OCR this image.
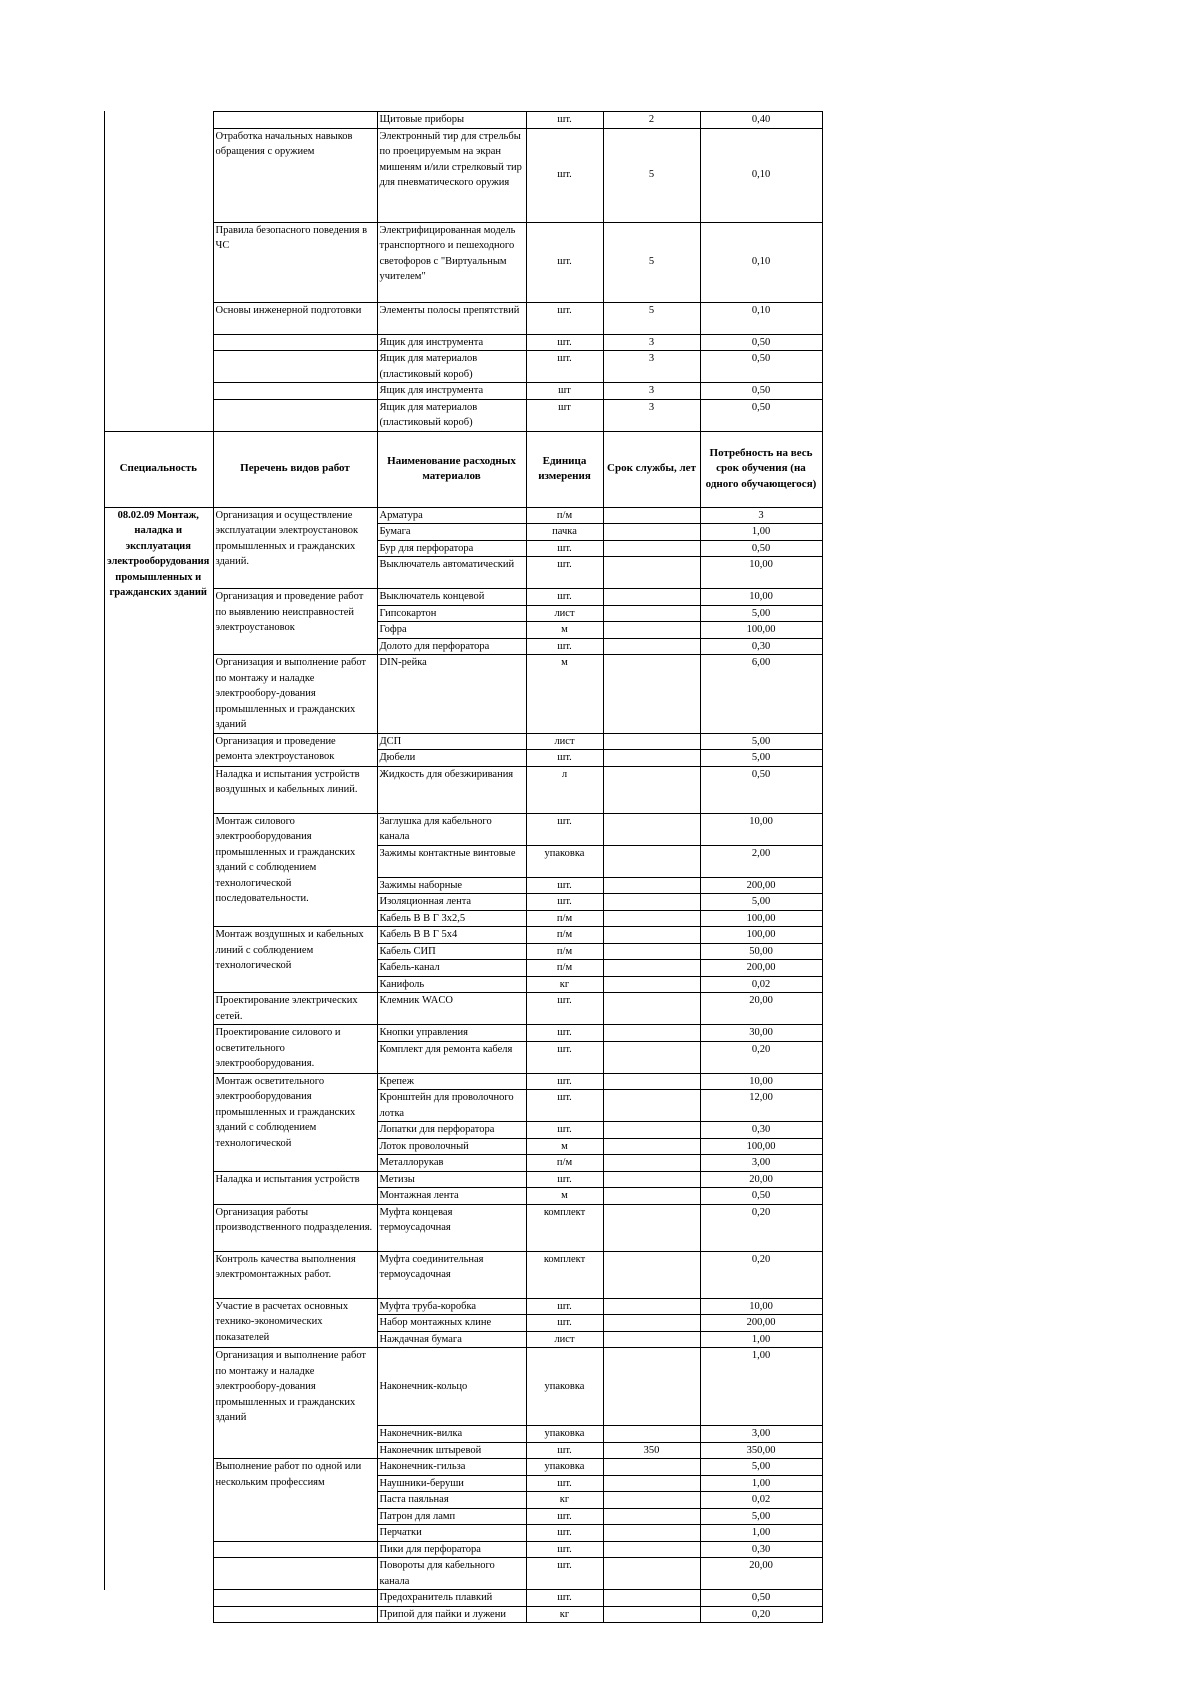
		Щитовые приборы	шт.	2	0,40
	Отработка начальных навыков обращения с оружием	Электронный тир для стрельбы по проецируемым на экран мишеням и/или стрелковый тир для пневматического оружия	шт.	5	0,10
	Правила безопасного поведения в ЧС	Электрифицированная модель транспортного и пешеходного светофоров с "Виртуальным учителем"	шт.	5	0,10
	Основы инженерной подготовки	Элементы полосы препятствий	шт.	5	0,10
		Ящик для инструмента	шт.	3	0,50
		Ящик для материалов (пластиковый короб)	шт.	3	0,50
		Ящик для инструмента	шт	3	0,50
		Ящик для материалов (пластиковый короб)	шт	3	0,50
Специальность	Перечень видов работ	Наименование расходных материалов	Единица измерения	Срок службы, лет	Потребность на весь срок обучения (на одного обучающегося)
08.02.09 Монтаж, наладка и эксплуатация электрооборудования промышленных и гражданских зданий	Организация и осуществление эксплуатации электроустановок промышленных и гражданских зданий.	Арматура	п/м		3
		Бумага	пачка		1,00
		Бур для перфоратора	шт.		0,50
		Выключатель автоматический	шт.		10,00
	Организация и проведение работ по выявлению неисправностей электроустановок	Выключатель концевой	шт.		10,00
		Гипсокартон	лист		5,00
		Гофра	м		100,00
		Долото для перфоратора	шт.		0,30
	Организация и выполнение работ по монтажу и наладке электрообору-дования промышленных и гражданских зданий	DIN-рейка	м		6,00
	Организация и проведение ремонта электроустановок	ДСП	лист		5,00
		Дюбели	шт.		5,00
	Наладка и испытания устройств воздушных и кабельных линий.	Жидкость для обезжиривания	л		0,50
	Монтаж силового электрооборудования промышленных и гражданских зданий с соблюдением технологической последовательности.	Заглушка для кабельного канала	шт.		10,00
		Зажимы контактные винтовые	упаковка		2,00
		Зажимы наборные	шт.		200,00
		Изоляционная лента	шт.		5,00
		Кабель В В Г 3х2,5	п/м		100,00
	Монтаж воздушных и кабельных линий с соблюдением технологической	Кабель В В Г 5х4	п/м		100,00
		Кабель СИП	п/м		50,00
		Кабель-канал	п/м		200,00
		Канифоль	кг		0,02
	Проектирование электрических сетей.	Клемник WACO	шт.		20,00
	Проектирование силового и осветительного электрооборудования.	Кнопки управления	шт.		30,00
		Комплект для ремонта кабеля	шт.		0,20
	Монтаж осветительного электрооборудования промышленных и гражданских зданий с соблюдением технологической	Крепеж	шт.		10,00
		Кронштейн для проволочного лотка	шт.		12,00
		Лопатки для перфоратора	шт.		0,30
		Лоток проволочный	м		100,00
		Металлорукав	п/м		3,00
	Наладка и испытания устройств	Метизы	шт.		20,00
		Монтажная лента	м		0,50
	Организация работы производственного подразделения.	Муфта концевая термоусадочная	комплект		0,20
	Контроль качества выполнения электромонтажных работ.	Муфта соединительная термоусадочная	комплект		0,20
	Участие в расчетах основных технико-экономических показателей	Муфта труба-коробка	шт.		10,00
		Набор монтажных клине	шт.		200,00
		Наждачная бумага	лист		1,00
	Организация и выполнение работ по монтажу и наладке электрообору-дования промышленных и гражданских зданий	Наконечник-кольцо	упаковка		1,00
		Наконечник-вилка	упаковка		3,00
		Наконечник штыревой	шт.	350	350,00
	Выполнение работ по одной или нескольким профессиям	Наконечник-гильза	упаковка		5,00
		Наушники-беруши	шт.		1,00
		Паста паяльная	кг		0,02
		Патрон для ламп	шт.		5,00
		Перчатки	шт.		1,00
		Пики для перфоратора	шт.		0,30
		Повороты для кабельного канала	шт.		20,00
		Предохранитель плавкий	шт.		0,50
		Припой для пайки и лужени	кг		0,20
